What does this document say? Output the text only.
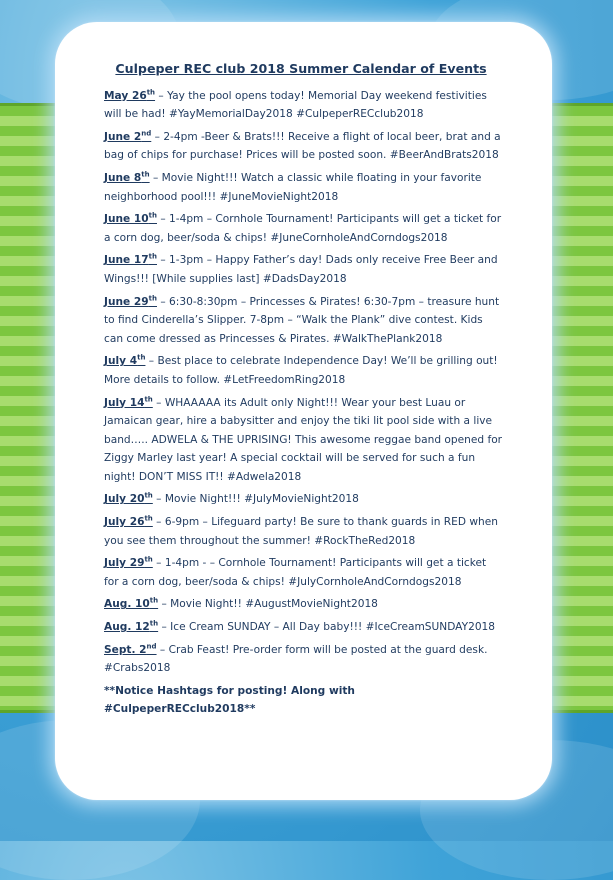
Culpeper REC club 2018 Summer Calendar of Events
May 26th – Yay the pool opens today! Memorial Day weekend festivities will be had! #YayMemorialDay2018 #CulpeperRECclub2018
June 2nd – 2-4pm -Beer & Brats!!! Receive a flight of local beer, brat and a bag of chips for purchase! Prices will be posted soon. #BeerAndBrats2018
June 8th – Movie Night!!! Watch a classic while floating in your favorite neighborhood pool!!! #JuneMovieNight2018
June 10th – 1-4pm – Cornhole Tournament! Participants will get a ticket for a corn dog, beer/soda & chips! #JuneCornholeAndCorndogs2018
June 17th – 1-3pm – Happy Father’s day! Dads only receive Free Beer and Wings!!! [While supplies last] #DadsDay2018
June 29th – 6:30-8:30pm – Princesses & Pirates! 6:30-7pm – treasure hunt to find Cinderella’s Slipper. 7-8pm – “Walk the Plank” dive contest. Kids can come dressed as Princesses & Pirates. #WalkThePlank2018
July 4th – Best place to celebrate Independence Day! We’ll be grilling out! More details to follow. #LetFreedomRing2018
July 14th – WHAAAAA its Adult only Night!!! Wear your best Luau or Jamaican gear, hire a babysitter and enjoy the tiki lit pool side with a live band….. ADWELA & THE UPRISING! This awesome reggae band opened for Ziggy Marley last year! A special cocktail will be served for such a fun night! DON’T MISS IT!! #Adwela2018
July 20th – Movie Night!!! #JulyMovieNight2018
July 26th – 6-9pm – Lifeguard party! Be sure to thank guards in RED when you see them throughout the summer! #RockTheRed2018
July 29th – 1-4pm - – Cornhole Tournament! Participants will get a ticket for a corn dog, beer/soda & chips! #JulyCornholeAndCorndogs2018
Aug. 10th – Movie Night!! #AugustMovieNight2018
Aug. 12th – Ice Cream SUNDAY – All Day baby!!! #IceCreamSUNDAY2018
Sept. 2nd – Crab Feast! Pre-order form will be posted at the guard desk. #Crabs2018
**Notice Hashtags for posting! Along with #CulpeperRECclub2018**
